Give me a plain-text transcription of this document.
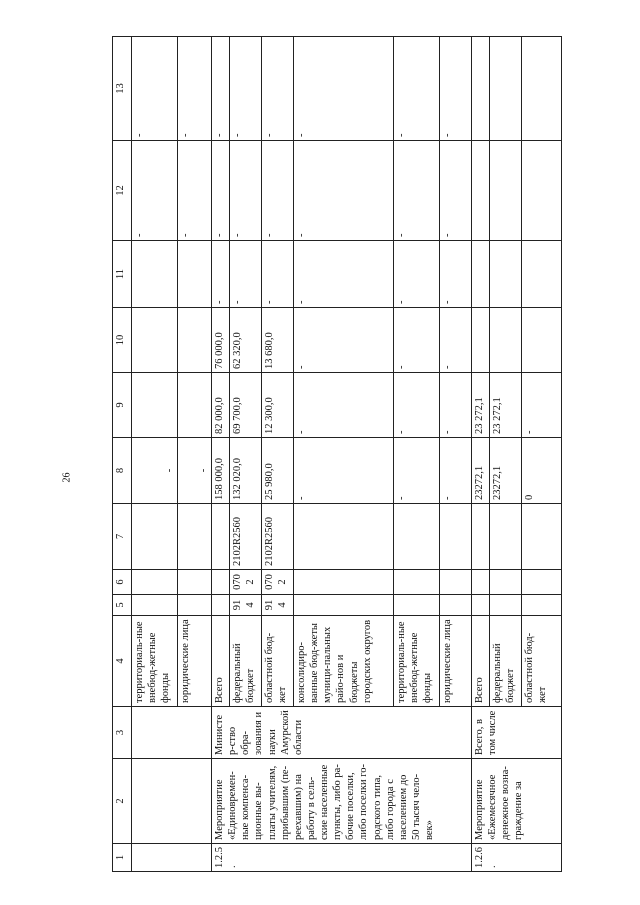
26
1	2	3	4	5	6	7	8	9	10	11	12	13
			территориаль-ные внебюд-жетные фонды				-				-	-
			юридические лица				-				-	-
1.2.5.	Мероприятие «Единовремен-ные компенса-ционные вы-платы учителям, прибывшим (пе-реехавшим) на работу в сель-ские населенные пункты, либо ра-бочие поселки, либо поселки го-родского типа, либо города с населением до 50 тысяч чело-век»	Министер-ство обра-зования и науки Амурской области	Всего				158 000,0	82 000,0	76 000,0	-	-	-
			федеральный бюджет	914	0702	2102R2560	132 020,0	69 700,0	62 320,0	-	-	-
			областной бюд-жет	914	0702	2102R2560	25 980,0	12 300,0	13 680,0	-	-	-
			консолидиро-ванные бюд-жеты муници-пальных райо-нов и бюджеты городских округов				-	-	-	-	-	-
			территориаль-ные внебюд-жетные фонды				-	-	-	-	-	-
			юридические лица				-	-	-	-	-	-
1.2.6.	Мероприятие «Ежемесячное денежное возна-граждение за	Всего, в том числе	Всего				23272,1	23 272,1				
			федеральный бюджет				23272,1	23 272,1				
			областной бюд-жет				0	-				
